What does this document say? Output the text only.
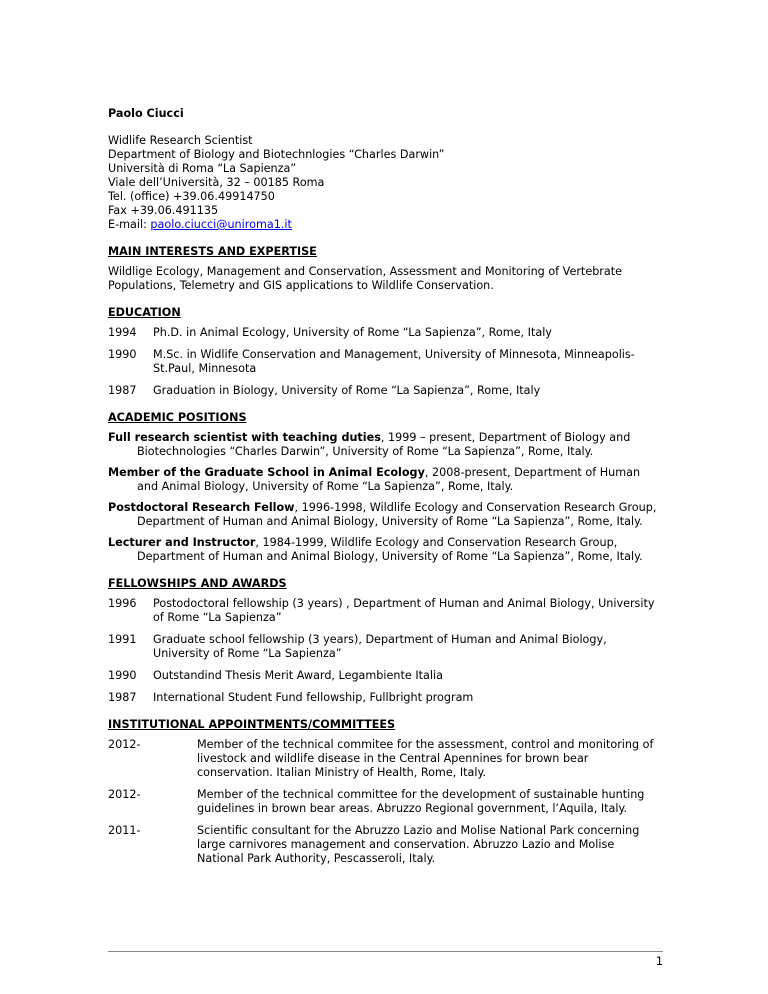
Paolo Ciucci
Widlife Research Scientist
Department of Biology and Biotechnlogies “Charles Darwin”
Università di Roma “La Sapienza”
Viale dell’Università, 32 – 00185 Roma
Tel. (office) +39.06.49914750
Fax +39.06.491135
E-mail: paolo.ciucci@uniroma1.it
MAIN INTERESTS AND EXPERTISE

Wildlige Ecology, Management and Conservation, Assessment and Monitoring of Vertebrate Populations, Telemetry and GIS applications to Wildlife Conservation.

EDUCATION
1994	Ph.D. in Animal Ecology, University of Rome “La Sapienza”, Rome, Italy
1990	M.Sc. in Widlife Conservation and Management, University of Minnesota, Minneapolis-St.Paul, Minnesota
1987	Graduation in Biology, University of Rome “La Sapienza”, Rome, Italy
ACADEMIC POSITIONS
Full research scientist with teaching duties, 1999 – present, Department of Biology and Biotechnologies “Charles Darwin”, University of Rome “La Sapienza”, Rome, Italy.
Member of the Graduate School in Animal Ecology, 2008-present, Department of Human and Animal Biology, University of Rome “La Sapienza”, Rome, Italy.
Postdoctoral Research Fellow, 1996-1998, Wildlife Ecology and Conservation Research Group, Department of Human and Animal Biology, University of Rome “La Sapienza”, Rome, Italy.
Lecturer and Instructor, 1984-1999, Wildlife Ecology and Conservation Research Group, Department of Human and Animal Biology, University of Rome “La Sapienza”, Rome, Italy.
FELLOWSHIPS AND AWARDS
1996	Postodoctoral fellowship (3 years) , Department of Human and Animal Biology, University of Rome “La Sapienza”
1991	Graduate school fellowship (3 years), Department of Human and Animal Biology, University of Rome “La Sapienza”
1990	Outstandind Thesis Merit Award, Legambiente Italia
1987	International Student Fund fellowship, Fullbright program
INSTITUTIONAL APPOINTMENTS/COMMITTEES
2012-	Member of the technical commitee for the assessment, control and monitoring of livestock and wildlife disease in the Central Apennines for brown bear conservation. Italian Ministry of Health, Rome, Italy.
2012-	Member of the technical committee for the development of sustainable hunting guidelines in brown bear areas. Abruzzo Regional government, l’Aquila, Italy.
2011-	Scientific consultant for the Abruzzo Lazio and Molise National Park concerning large carnivores management and conservation. Abruzzo Lazio and Molise National Park Authority, Pescasseroli, Italy.
1
